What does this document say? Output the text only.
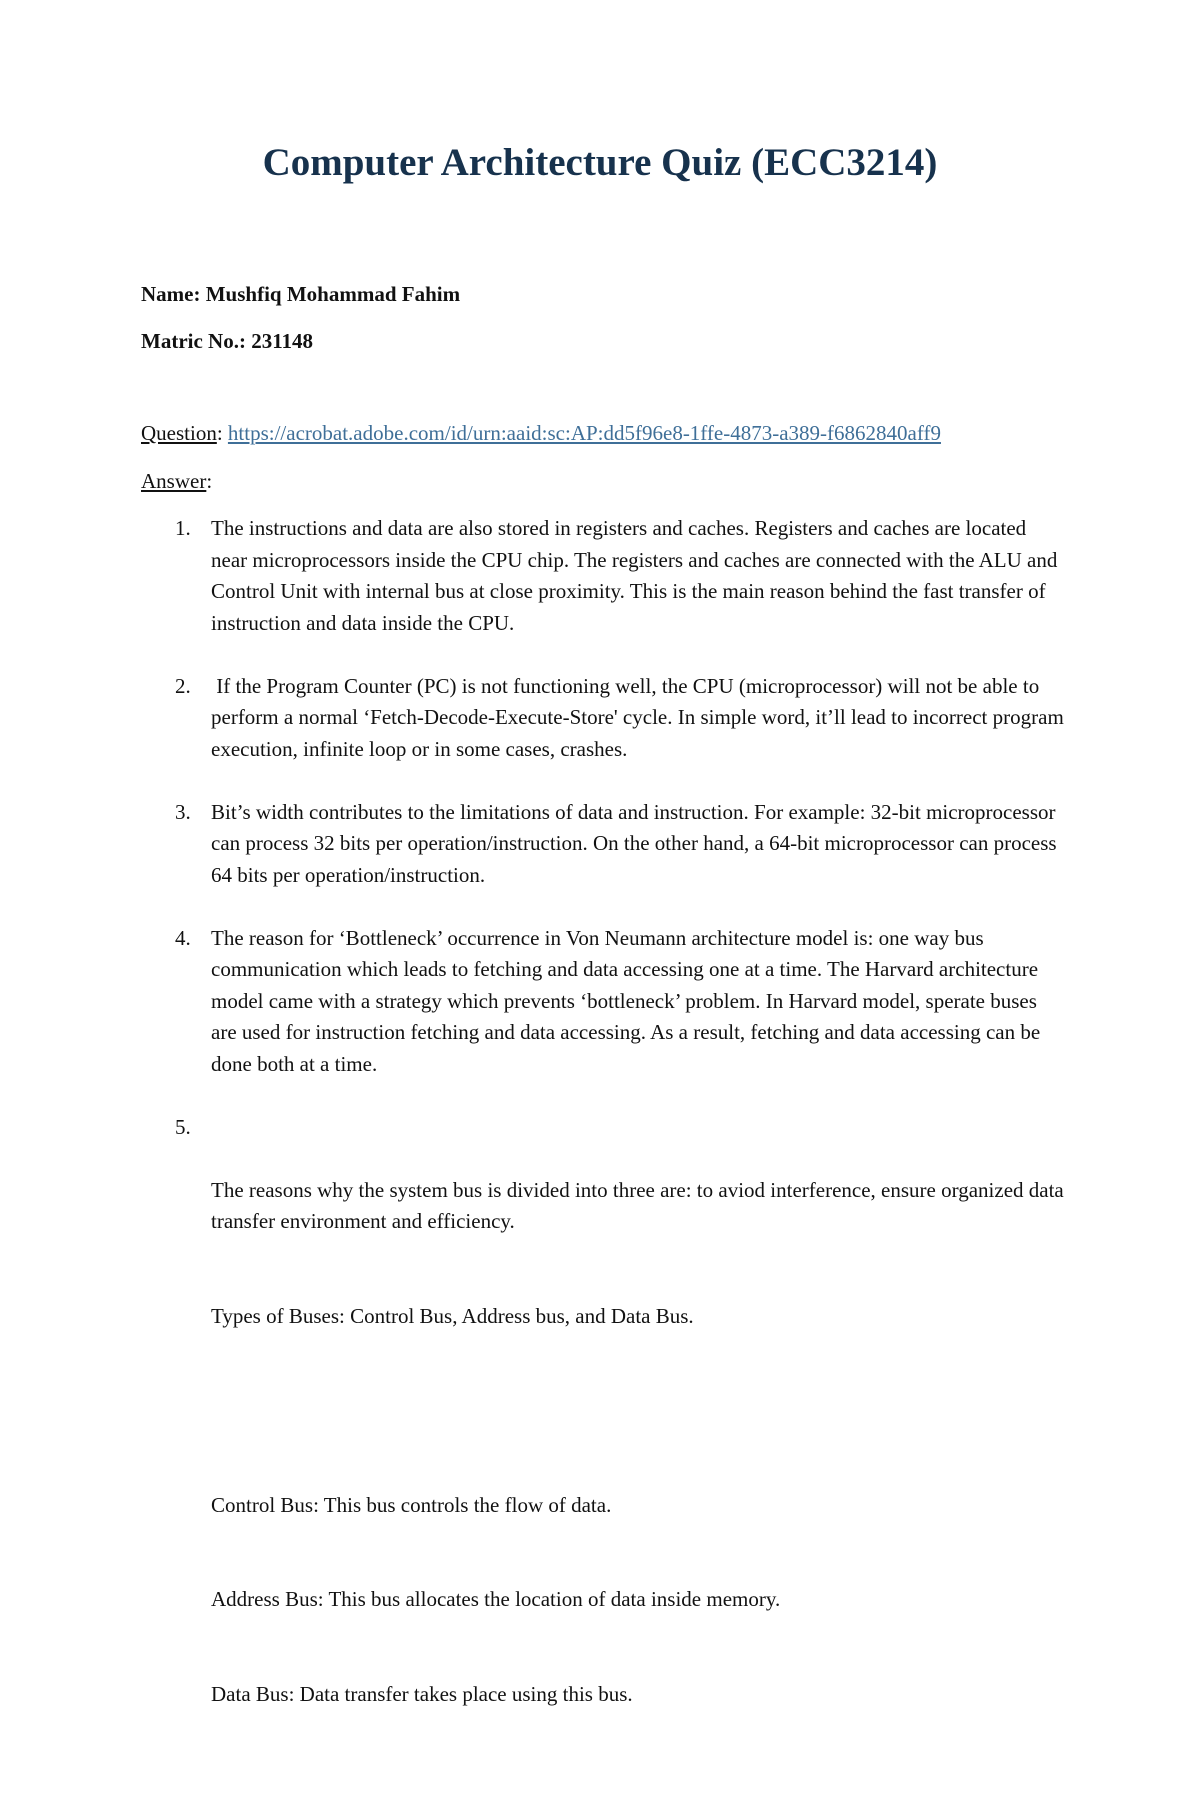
Computer Architecture Quiz (ECC3214)
Name: Mushfiq Mohammad Fahim
Matric No.: 231148
Question: https://acrobat.adobe.com/id/urn:aaid:sc:AP:dd5f96e8-1ffe-4873-a389-f6862840aff9
Answer:
1. The instructions and data are also stored in registers and caches. Registers and caches are located near microprocessors inside the CPU chip. The registers and caches are connected with the ALU and Control Unit with internal bus at close proximity. This is the main reason behind the fast transfer of instruction and data inside the CPU.
2. If the Program Counter (PC) is not functioning well, the CPU (microprocessor) will not be able to perform a normal ‘Fetch-Decode-Execute-Store' cycle. In simple word, it’ll lead to incorrect program execution, infinite loop or in some cases, crashes.
3. Bit’s width contributes to the limitations of data and instruction. For example: 32-bit microprocessor can process 32 bits per operation/instruction. On the other hand, a 64-bit microprocessor can process 64 bits per operation/instruction.
4. The reason for ‘Bottleneck’ occurrence in Von Neumann architecture model is: one way bus communication which leads to fetching and data accessing one at a time. The Harvard architecture model came with a strategy which prevents ‘bottleneck’ problem. In Harvard model, sperate buses are used for instruction fetching and data accessing. As a result, fetching and data accessing can be done both at a time.
5.

The reasons why the system bus is divided into three are: to aviod interference, ensure organized data transfer environment and efficiency.

Types of Buses: Control Bus, Address bus, and Data Bus.

Control Bus: This bus controls the flow of data.

Address Bus: This bus allocates the location of data inside memory.

Data Bus: Data transfer takes place using this bus.
